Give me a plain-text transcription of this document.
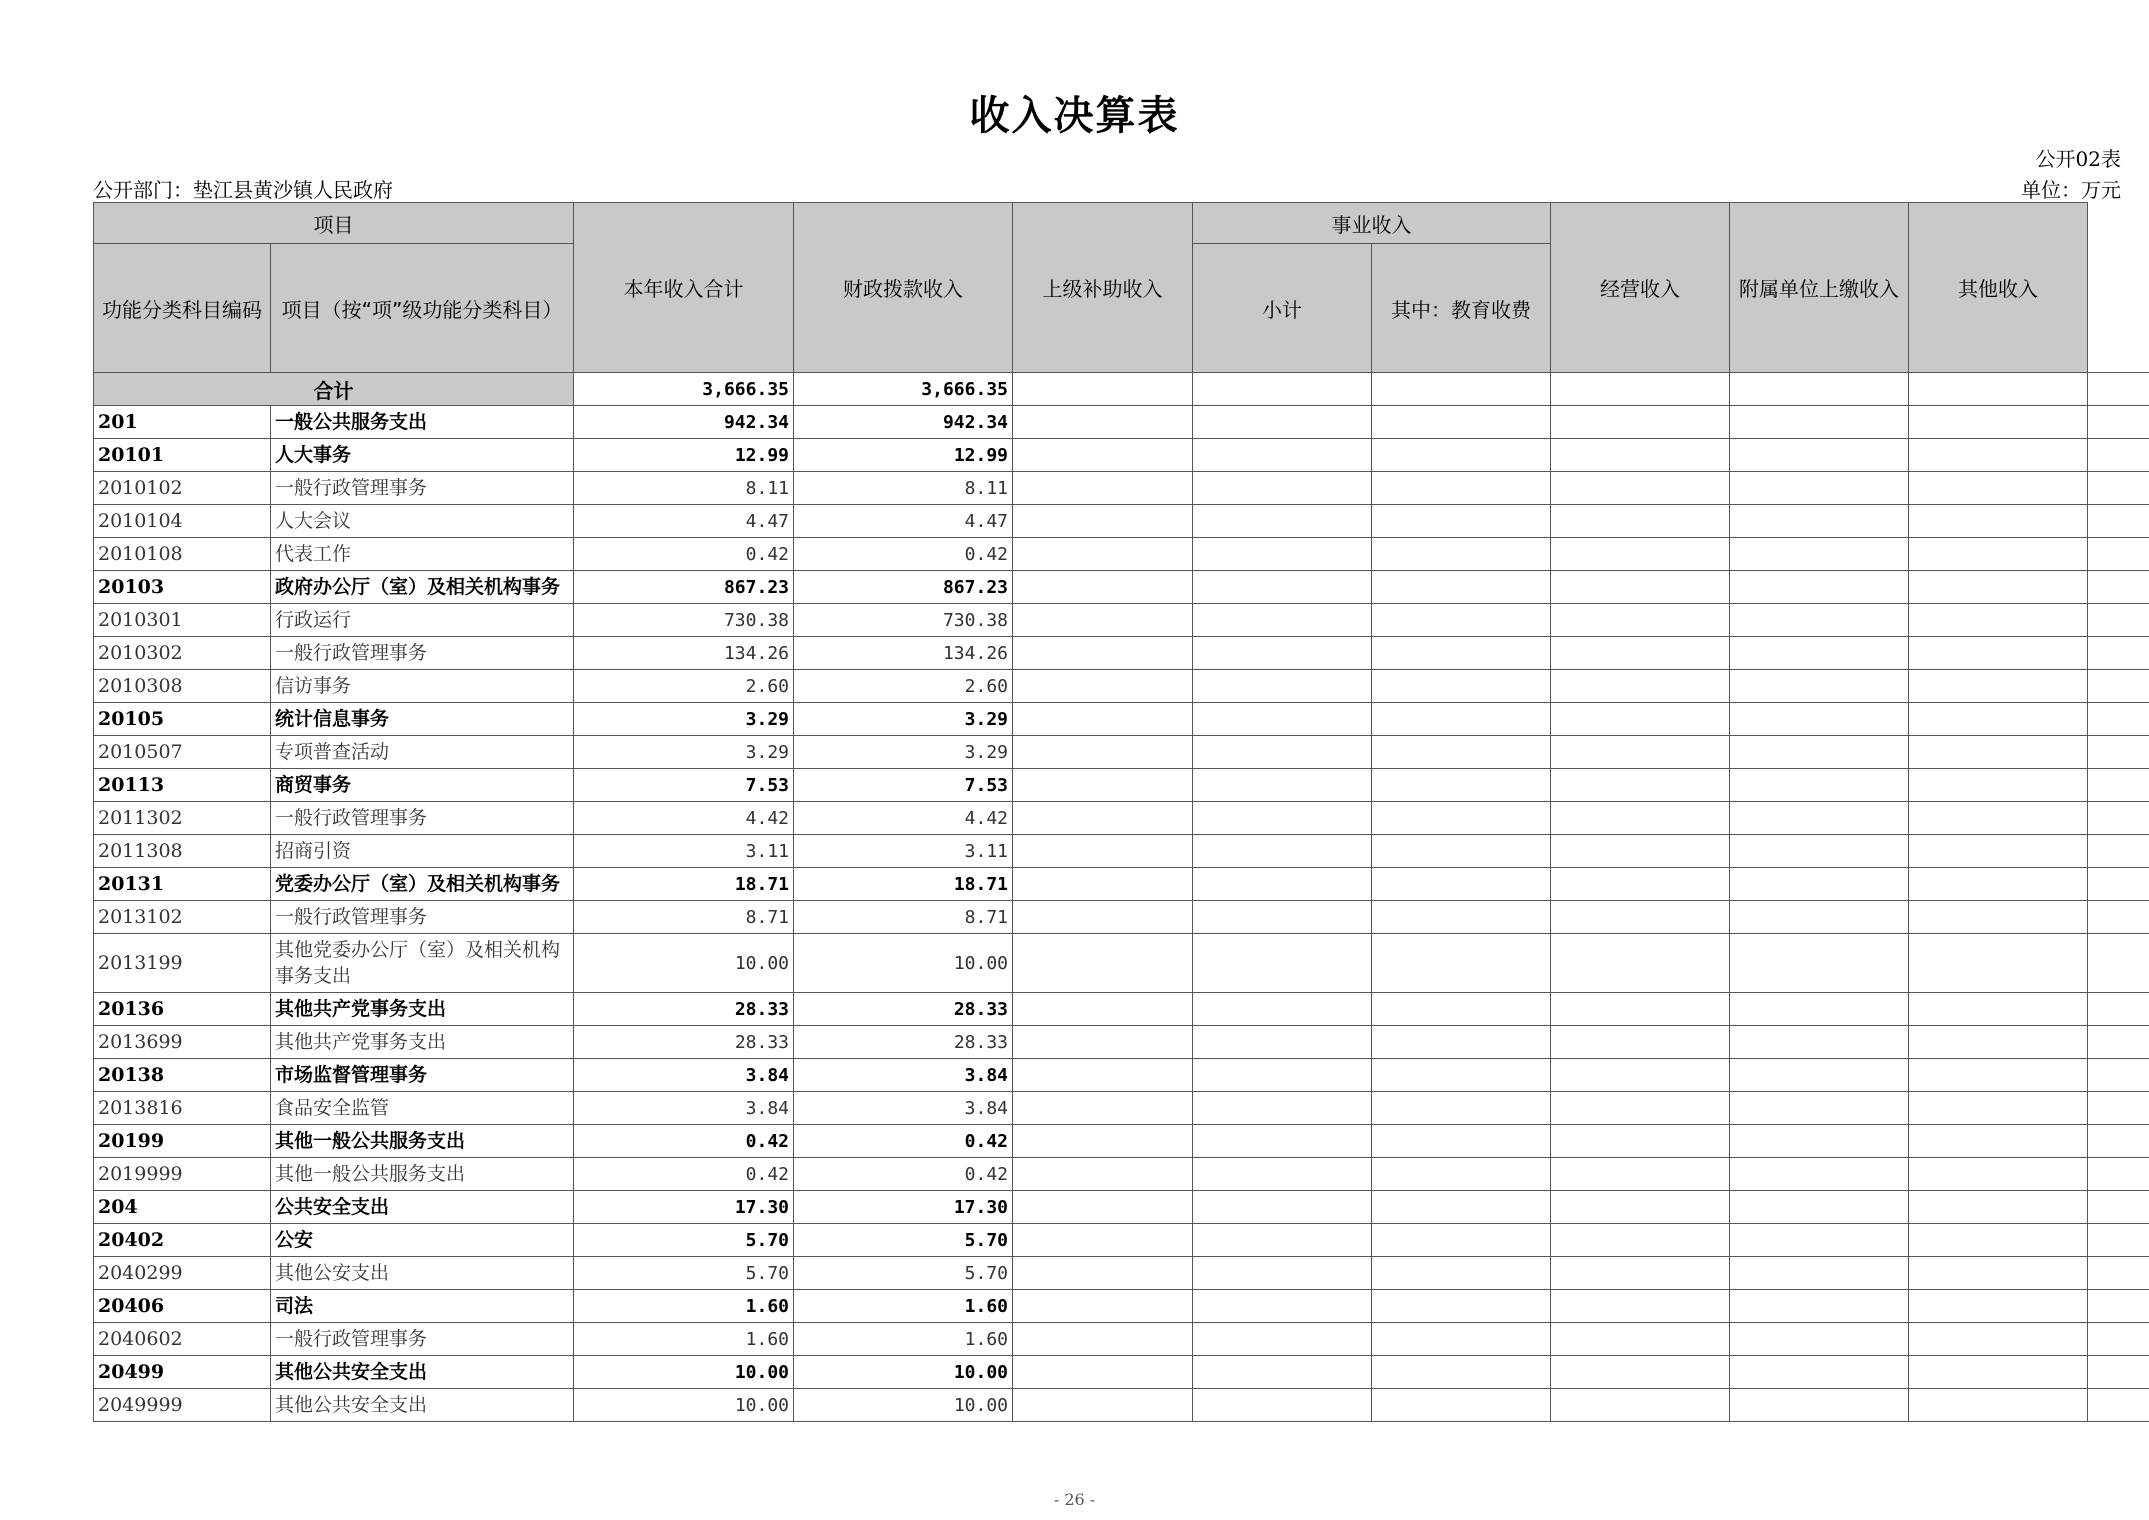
收入决算表
公开02表
公开部门：垫江县黄沙镇人民政府	单位：万元
项目		本年收入合计	财政拨款收入	上级补助收入	事业收入		经营收入	附属单位上缴收入	其他收入	
功能分类科目编码	项目（按“项”级功能分类科目）				小计	其中：教育收费				
合计		3,666.35	3,666.35							
201	一般公共服务支出	942.34	942.34							
20101	人大事务	12.99	12.99							
2010102	一般行政管理事务	8.11	8.11							
2010104	人大会议	4.47	4.47							
2010108	代表工作	0.42	0.42							
20103	政府办公厅（室）及相关机构事务	867.23	867.23							
2010301	行政运行	730.38	730.38							
2010302	一般行政管理事务	134.26	134.26							
2010308	信访事务	2.60	2.60							
20105	统计信息事务	3.29	3.29							
2010507	专项普查活动	3.29	3.29							
20113	商贸事务	7.53	7.53							
2011302	一般行政管理事务	4.42	4.42							
2011308	招商引资	3.11	3.11							
20131	党委办公厅（室）及相关机构事务	18.71	18.71							
2013102	一般行政管理事务	8.71	8.71							
2013199	其他党委办公厅（室）及相关机构事务支出	10.00	10.00							
20136	其他共产党事务支出	28.33	28.33							
2013699	其他共产党事务支出	28.33	28.33							
20138	市场监督管理事务	3.84	3.84							
2013816	食品安全监管	3.84	3.84							
20199	其他一般公共服务支出	0.42	0.42							
2019999	其他一般公共服务支出	0.42	0.42							
204	公共安全支出	17.30	17.30							
20402	公安	5.70	5.70							
2040299	其他公安支出	5.70	5.70							
20406	司法	1.60	1.60							
2040602	一般行政管理事务	1.60	1.60							
20499	其他公共安全支出	10.00	10.00							
2049999	其他公共安全支出	10.00	10.00							
- 26 -
